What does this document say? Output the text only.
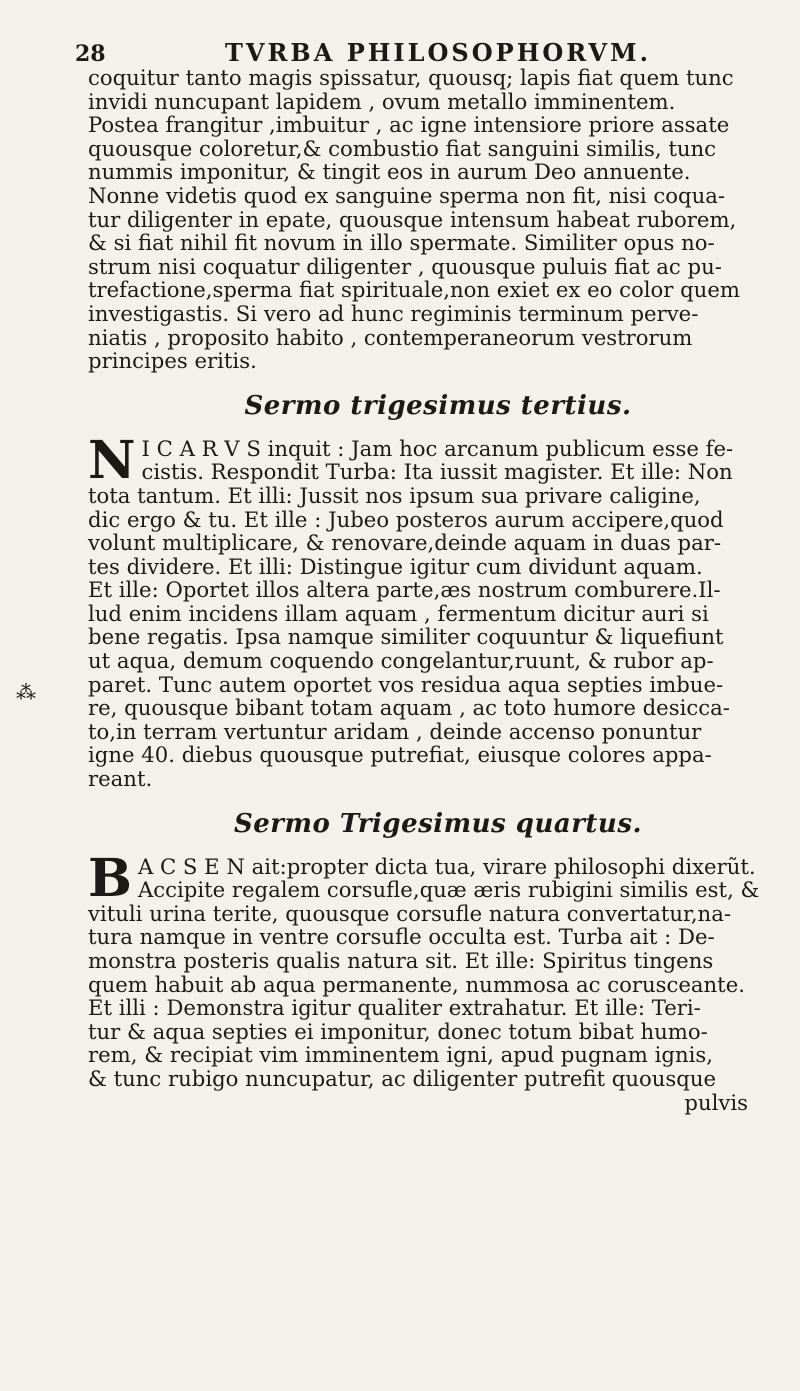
28	TVRBA PHILOSOPHORVM.
⁂
coquitur tanto magis spissatur, quousq; lapis fiat quem tunc
invidi nuncupant lapidem , ovum metallo imminentem.
Postea frangitur ,imbuitur , ac igne intensiore priore assate
quousque coloretur,& combustio fiat sanguini similis, tunc
nummis imponitur, & tingit eos in aurum Deo annuente.
Nonne videtis quod ex sanguine sperma non fit, nisi coqua-
tur diligenter in epate, quousque intensum habeat ruborem,
& si fiat nihil fit novum in illo spermate. Similiter opus no-
strum nisi coquatur diligenter , quousque puluis fiat ac pu-
trefactione,sperma fiat spirituale,non exiet ex eo color quem
investigastis. Si vero ad hunc regiminis terminum perve-
niatis , proposito habito , contemperaneorum vestrorum
principes eritis.
Sermo trigesimus tertius.
N I C A R V S inquit : Jam hoc arcanum publicum esse fe-
cistis. Respondit Turba: Ita iussit magister. Et ille: Non
tota tantum. Et illi: Jussit nos ipsum sua privare caligine,
dic ergo & tu. Et ille : Jubeo posteros aurum accipere,quod
volunt multiplicare, & renovare,deinde aquam in duas par-
tes dividere. Et illi: Distingue igitur cum dividunt aquam.
Et ille: Oportet illos altera parte,æs nostrum comburere.Il-
lud enim incidens illam aquam , fermentum dicitur auri si
bene regatis. Ipsa namque similiter coquuntur & liquefiunt
ut aqua, demum coquendo congelantur,ruunt, & rubor ap-
paret. Tunc autem oportet vos residua aqua septies imbue-
re, quousque bibant totam aquam , ac toto humore desicca-
to,in terram vertuntur aridam , deinde accenso ponuntur
igne 40. diebus quousque putrefiat, eiusque colores appa-
reant.
Sermo Trigesimus quartus.
B A C S E N ait:propter dicta tua, virare philosophi dixerũt.
Accipite regalem corsufle,quæ æris rubigini similis est, &
vituli urina terite, quousque corsufle natura convertatur,na-
tura namque in ventre corsufle occulta est. Turba ait : De-
monstra posteris qualis natura sit. Et ille: Spiritus tingens
quem habuit ab aqua permanente, nummosa ac corusceante.
Et illi : Demonstra igitur qualiter extrahatur. Et ille: Teri-
tur & aqua septies ei imponitur, donec totum bibat humo-
rem, & recipiat vim imminentem igni, apud pugnam ignis,
& tunc rubigo nuncupatur, ac diligenter putrefit quousque
pulvis
